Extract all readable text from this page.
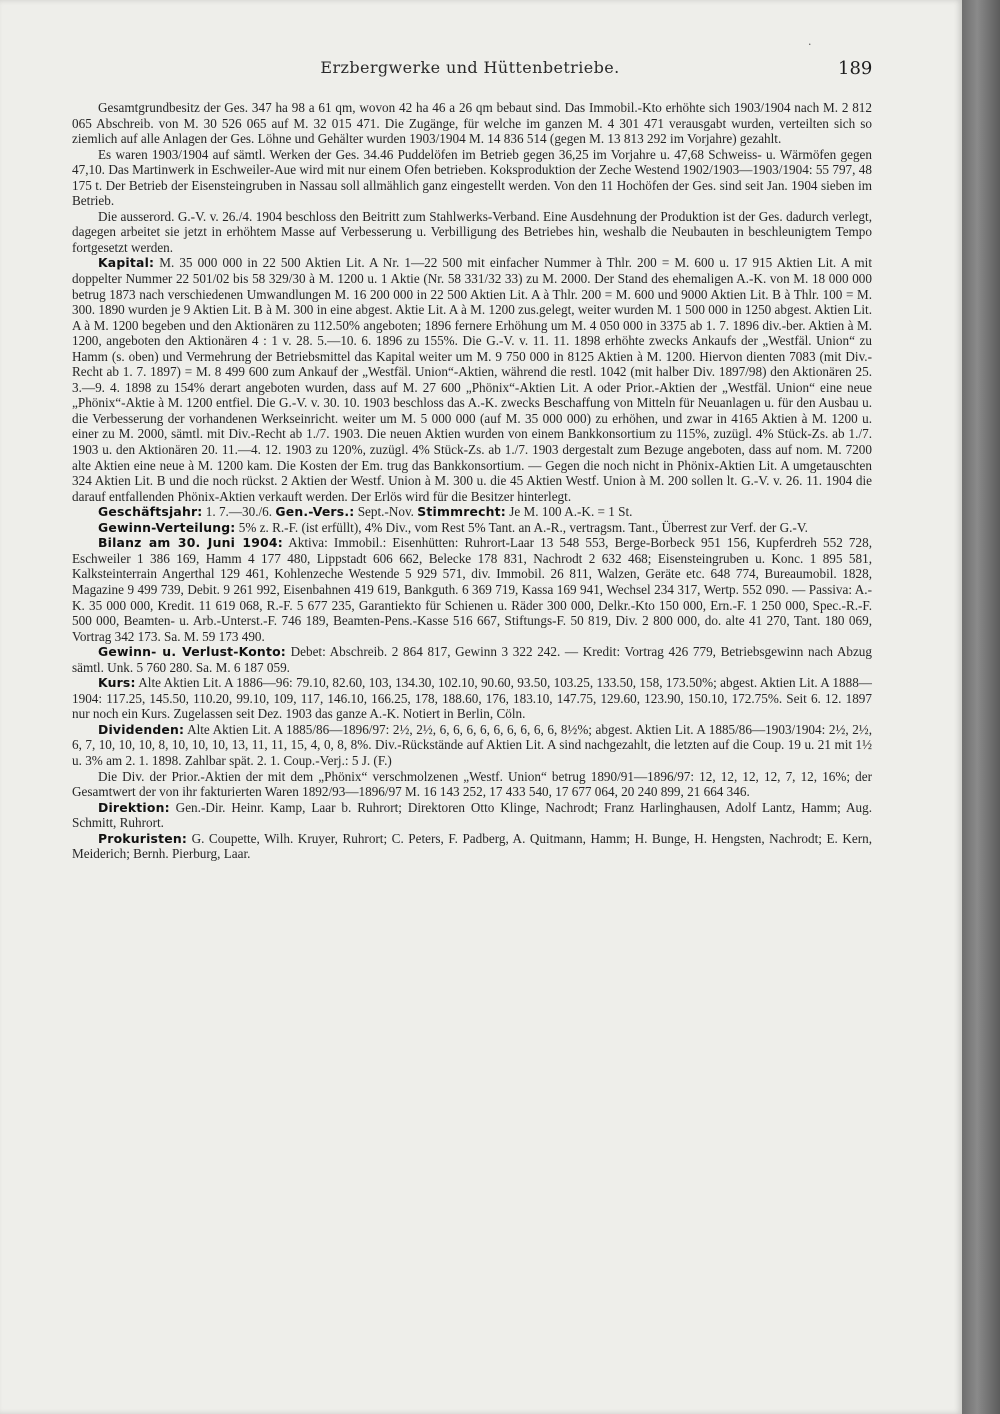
·
Erzbergwerke und Hüttenbetriebe.	189

Gesamtgrundbesitz der Ges. 347 ha 98 a 61 qm, wovon 42 ha 46 a 26 qm bebaut sind. Das Immobil.-Kto erhöhte sich 1903/1904 nach M. 2 812 065 Abschreib. von M. 30 526 065 auf M. 32 015 471. Die Zugänge, für welche im ganzen M. 4 301 471 verausgabt wurden, verteilten sich so ziemlich auf alle Anlagen der Ges. Löhne und Gehälter wurden 1903/1904 M. 14 836 514 (gegen M. 13 813 292 im Vorjahre) gezahlt.

Es waren 1903/1904 auf sämtl. Werken der Ges. 34.46 Puddelöfen im Betrieb gegen 36,25 im Vorjahre u. 47,68 Schweiss- u. Wärmöfen gegen 47,10. Das Martinwerk in Eschweiler-Aue wird mit nur einem Ofen betrieben. Koksproduktion der Zeche Westend 1902/1903—1903/1904: 55 797, 48 175 t. Der Betrieb der Eisensteingruben in Nassau soll allmählich ganz eingestellt werden. Von den 11 Hochöfen der Ges. sind seit Jan. 1904 sieben im Betrieb.

Die ausserord. G.-V. v. 26./4. 1904 beschloss den Beitritt zum Stahlwerks-Verband. Eine Ausdehnung der Produktion ist der Ges. dadurch verlegt, dagegen arbeitet sie jetzt in erhöhtem Masse auf Verbesserung u. Verbilligung des Betriebes hin, weshalb die Neubauten in beschleunigtem Tempo fortgesetzt werden.

Kapital: M. 35 000 000 in 22 500 Aktien Lit. A Nr. 1—22 500 mit einfacher Nummer à Thlr. 200 = M. 600 u. 17 915 Aktien Lit. A mit doppelter Nummer 22 501/02 bis 58 329/30 à M. 1200 u. 1 Aktie (Nr. 58 331/32 33) zu M. 2000. Der Stand des ehemaligen A.-K. von M. 18 000 000 betrug 1873 nach verschiedenen Umwandlungen M. 16 200 000 in 22 500 Aktien Lit. A à Thlr. 200 = M. 600 und 9000 Aktien Lit. B à Thlr. 100 = M. 300. 1890 wurden je 9 Aktien Lit. B à M. 300 in eine abgest. Aktie Lit. A à M. 1200 zus.gelegt, weiter wurden M. 1 500 000 in 1250 abgest. Aktien Lit. A à M. 1200 begeben und den Aktionären zu 112.50% angeboten; 1896 fernere Erhöhung um M. 4 050 000 in 3375 ab 1. 7. 1896 div.-ber. Aktien à M. 1200, angeboten den Aktionären 4 : 1 v. 28. 5.—10. 6. 1896 zu 155%. Die G.-V. v. 11. 11. 1898 erhöhte zwecks Ankaufs der „Westfäl. Union“ zu Hamm (s. oben) und Vermehrung der Betriebsmittel das Kapital weiter um M. 9 750 000 in 8125 Aktien à M. 1200. Hiervon dienten 7083 (mit Div.-Recht ab 1. 7. 1897) = M. 8 499 600 zum Ankauf der „Westfäl. Union“-Aktien, während die restl. 1042 (mit halber Div. 1897/98) den Aktionären 25. 3.—9. 4. 1898 zu 154% derart angeboten wurden, dass auf M. 27 600 „Phönix“-Aktien Lit. A oder Prior.-Aktien der „Westfäl. Union“ eine neue „Phönix“-Aktie à M. 1200 entfiel. Die G.-V. v. 30. 10. 1903 beschloss das A.-K. zwecks Beschaffung von Mitteln für Neuanlagen u. für den Ausbau u. die Verbesserung der vorhandenen Werkseinricht. weiter um M. 5 000 000 (auf M. 35 000 000) zu erhöhen, und zwar in 4165 Aktien à M. 1200 u. einer zu M. 2000, sämtl. mit Div.-Recht ab 1./7. 1903. Die neuen Aktien wurden von einem Bankkonsortium zu 115%, zuzügl. 4% Stück-Zs. ab 1./7. 1903 u. den Aktionären 20. 11.—4. 12. 1903 zu 120%, zuzügl. 4% Stück-Zs. ab 1./7. 1903 dergestalt zum Bezuge angeboten, dass auf nom. M. 7200 alte Aktien eine neue à M. 1200 kam. Die Kosten der Em. trug das Bankkonsortium. — Gegen die noch nicht in Phönix-Aktien Lit. A umgetauschten 324 Aktien Lit. B und die noch rückst. 2 Aktien der Westf. Union à M. 300 u. die 45 Aktien Westf. Union à M. 200 sollen lt. G.-V. v. 26. 11. 1904 die darauf entfallenden Phönix-Aktien verkauft werden. Der Erlös wird für die Besitzer hinterlegt.

Geschäftsjahr: 1. 7.—30./6. Gen.-Vers.: Sept.-Nov. Stimmrecht: Je M. 100 A.-K. = 1 St.

Gewinn-Verteilung: 5% z. R.-F. (ist erfüllt), 4% Div., vom Rest 5% Tant. an A.-R., vertragsm. Tant., Überrest zur Verf. der G.-V.

Bilanz am 30. Juni 1904: Aktiva: Immobil.: Eisenhütten: Ruhrort-Laar 13 548 553, Berge-Borbeck 951 156, Kupferdreh 552 728, Eschweiler 1 386 169, Hamm 4 177 480, Lippstadt 606 662, Belecke 178 831, Nachrodt 2 632 468; Eisensteingruben u. Konc. 1 895 581, Kalksteinterrain Angerthal 129 461, Kohlenzeche Westende 5 929 571, div. Immobil. 26 811, Walzen, Geräte etc. 648 774, Bureaumobil. 1828, Magazine 9 499 739, Debit. 9 261 992, Eisenbahnen 419 619, Bankguth. 6 369 719, Kassa 169 941, Wechsel 234 317, Wertp. 552 090. — Passiva: A.-K. 35 000 000, Kredit. 11 619 068, R.-F. 5 677 235, Garantiekto für Schienen u. Räder 300 000, Delkr.-Kto 150 000, Ern.-F. 1 250 000, Spec.-R.-F. 500 000, Beamten- u. Arb.-Unterst.-F. 746 189, Beamten-Pens.-Kasse 516 667, Stiftungs-F. 50 819, Div. 2 800 000, do. alte 41 270, Tant. 180 069, Vortrag 342 173. Sa. M. 59 173 490.

Gewinn- u. Verlust-Konto: Debet: Abschreib. 2 864 817, Gewinn 3 322 242. — Kredit: Vortrag 426 779, Betriebsgewinn nach Abzug sämtl. Unk. 5 760 280. Sa. M. 6 187 059.

Kurs: Alte Aktien Lit. A 1886—96: 79.10, 82.60, 103, 134.30, 102.10, 90.60, 93.50, 103.25, 133.50, 158, 173.50%; abgest. Aktien Lit. A 1888—1904: 117.25, 145.50, 110.20, 99.10, 109, 117, 146.10, 166.25, 178, 188.60, 176, 183.10, 147.75, 129.60, 123.90, 150.10, 172.75%. Seit 6. 12. 1897 nur noch ein Kurs. Zugelassen seit Dez. 1903 das ganze A.-K. Notiert in Berlin, Cöln.

Dividenden: Alte Aktien Lit. A 1885/86—1896/97: 2½, 2½, 6, 6, 6, 6, 6, 6, 6, 6, 6, 8½%; abgest. Aktien Lit. A 1885/86—1903/1904: 2½, 2½, 6, 7, 10, 10, 10, 8, 10, 10, 10, 13, 11, 11, 15, 4, 0, 8, 8%. Div.-Rückstände auf Aktien Lit. A sind nachgezahlt, die letzten auf die Coup. 19 u. 21 mit 1½ u. 3% am 2. 1. 1898. Zahlbar spät. 2. 1. Coup.-Verj.: 5 J. (F.)

Die Div. der Prior.-Aktien der mit dem „Phönix“ verschmolzenen „Westf. Union“ betrug 1890/91—1896/97: 12, 12, 12, 12, 7, 12, 16%; der Gesamtwert der von ihr fakturierten Waren 1892/93—1896/97 M. 16 143 252, 17 433 540, 17 677 064, 20 240 899, 21 664 346.

Direktion: Gen.-Dir. Heinr. Kamp, Laar b. Ruhrort; Direktoren Otto Klinge, Nachrodt; Franz Harlinghausen, Adolf Lantz, Hamm; Aug. Schmitt, Ruhrort.

Prokuristen: G. Coupette, Wilh. Kruyer, Ruhrort; C. Peters, F. Padberg, A. Quitmann, Hamm; H. Bunge, H. Hengsten, Nachrodt; E. Kern, Meiderich; Bernh. Pierburg, Laar.
